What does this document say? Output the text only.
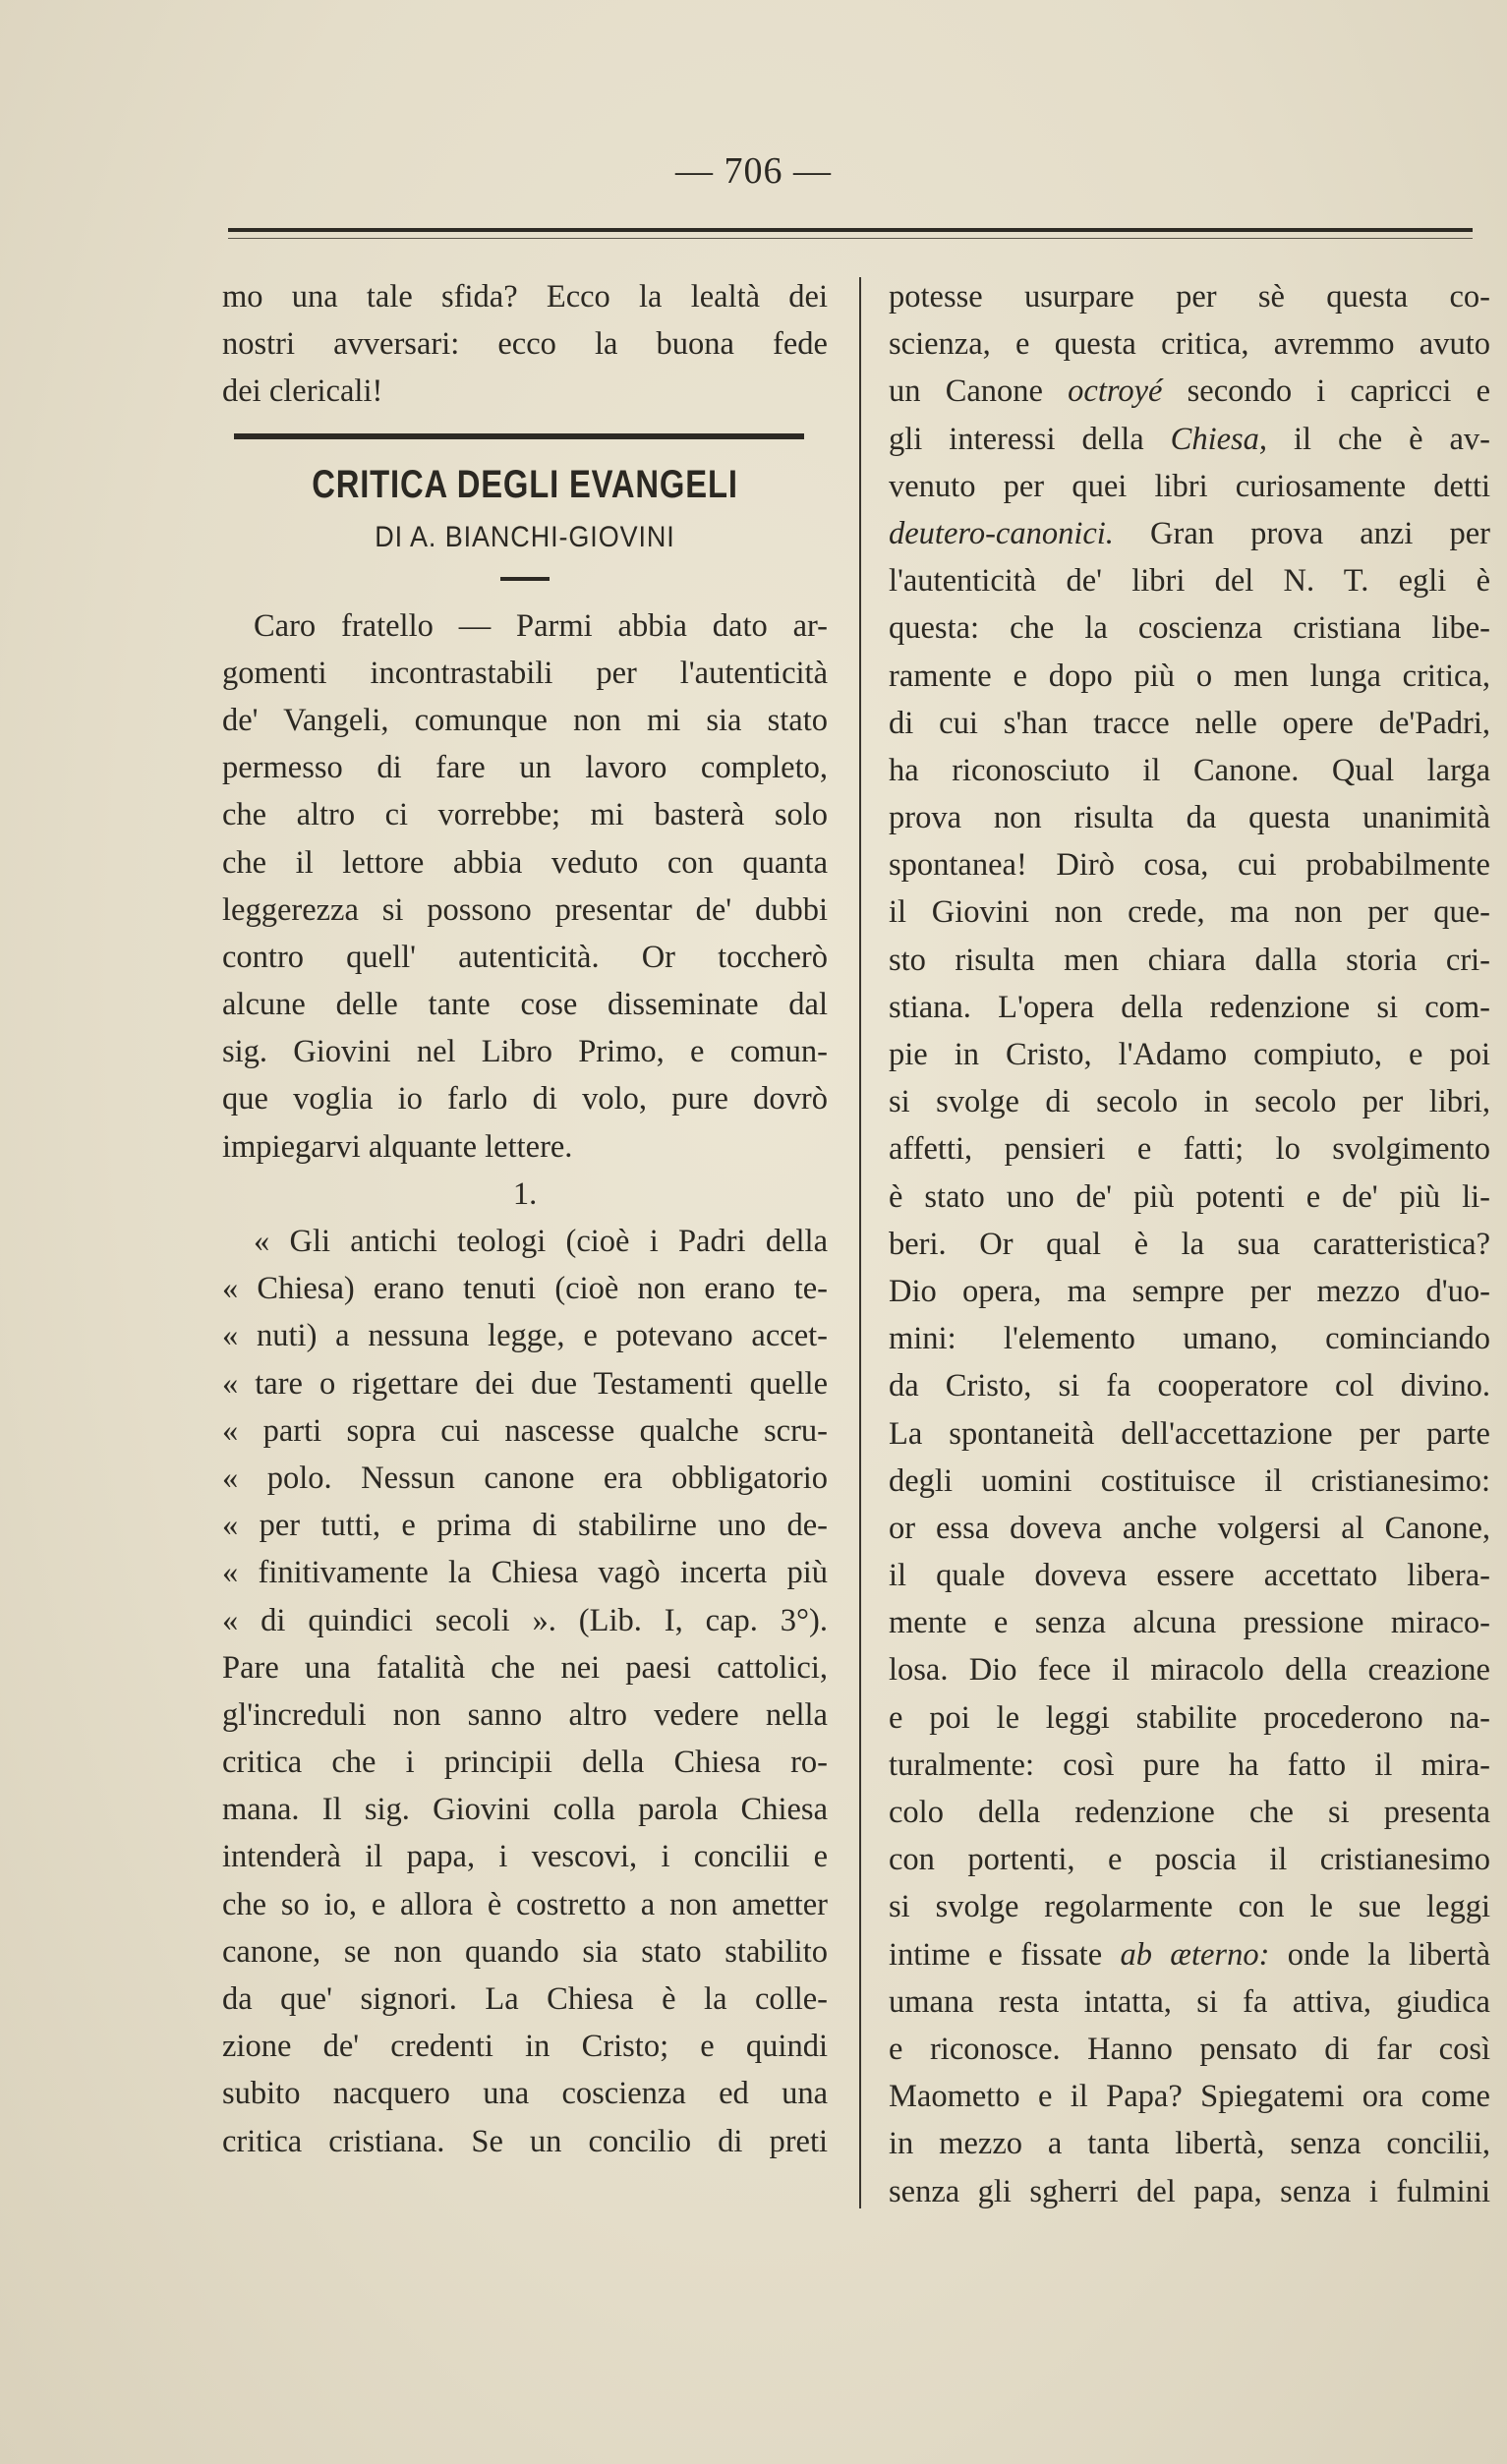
— 706 —
mo una tale sfida? Ecco la lealtà dei
nostri avversari: ecco la buona fede
dei clericali!
CRITICA DEGLI EVANGELI
DI A. BIANCHI-GIOVINI
Caro fratello — Parmi abbia dato ar-
gomenti incontrastabili per l'autenticità
de' Vangeli, comunque non mi sia stato
permesso di fare un lavoro completo,
che altro ci vorrebbe; mi basterà solo
che il lettore abbia veduto con quanta
leggerezza si possono presentar de' dubbi
contro quell' autenticità. Or toccherò
alcune delle tante cose disseminate dal
sig. Giovini nel Libro Primo, e comun-
que voglia io farlo di volo, pure dovrò
impiegarvi alquante lettere.
1.
« Gli antichi teologi (cioè i Padri della
« Chiesa) erano tenuti (cioè non erano te-
« nuti) a nessuna legge, e potevano accet-
« tare o rigettare dei due Testamenti quelle
« parti sopra cui nascesse qualche scru-
« polo. Nessun canone era obbligatorio
« per tutti, e prima di stabilirne uno de-
« finitivamente la Chiesa vagò incerta più
« di quindici secoli ». (Lib. I, cap. 3°).
Pare una fatalità che nei paesi cattolici,
gl'increduli non sanno altro vedere nella
critica che i principii della Chiesa ro-
mana. Il sig. Giovini colla parola Chiesa
intenderà il papa, i vescovi, i concilii e
che so io, e allora è costretto a non ametter
canone, se non quando sia stato stabilito
da que' signori. La Chiesa è la colle-
zione de' credenti in Cristo; e quindi
subito nacquero una coscienza ed una
critica cristiana. Se un concilio di preti
potesse usurpare per sè questa co-
scienza, e questa critica, avremmo avuto
un Canone octroyé secondo i capricci e
gli interessi della Chiesa, il che è av-
venuto per quei libri curiosamente detti
deutero-canonici. Gran prova anzi per
l'autenticità de' libri del N. T. egli è
questa: che la coscienza cristiana libe-
ramente e dopo più o men lunga critica,
di cui s'han tracce nelle opere de'Padri,
ha riconosciuto il Canone. Qual larga
prova non risulta da questa unanimità
spontanea! Dirò cosa, cui probabilmente
il Giovini non crede, ma non per que-
sto risulta men chiara dalla storia cri-
stiana. L'opera della redenzione si com-
pie in Cristo, l'Adamo compiuto, e poi
si svolge di secolo in secolo per libri,
affetti, pensieri e fatti; lo svolgimento
è stato uno de' più potenti e de' più li-
beri. Or qual è la sua caratteristica?
Dio opera, ma sempre per mezzo d'uo-
mini: l'elemento umano, cominciando
da Cristo, si fa cooperatore col divino.
La spontaneità dell'accettazione per parte
degli uomini costituisce il cristianesimo:
or essa doveva anche volgersi al Canone,
il quale doveva essere accettato libera-
mente e senza alcuna pressione miraco-
losa. Dio fece il miracolo della creazione
e poi le leggi stabilite procederono na-
turalmente: così pure ha fatto il mira-
colo della redenzione che si presenta
con portenti, e poscia il cristianesimo
si svolge regolarmente con le sue leggi
intime e fissate ab æterno: onde la libertà
umana resta intatta, si fa attiva, giudica
e riconosce. Hanno pensato di far così
Maometto e il Papa? Spiegatemi ora come
in mezzo a tanta libertà, senza concilii,
senza gli sgherri del papa, senza i fulmini
